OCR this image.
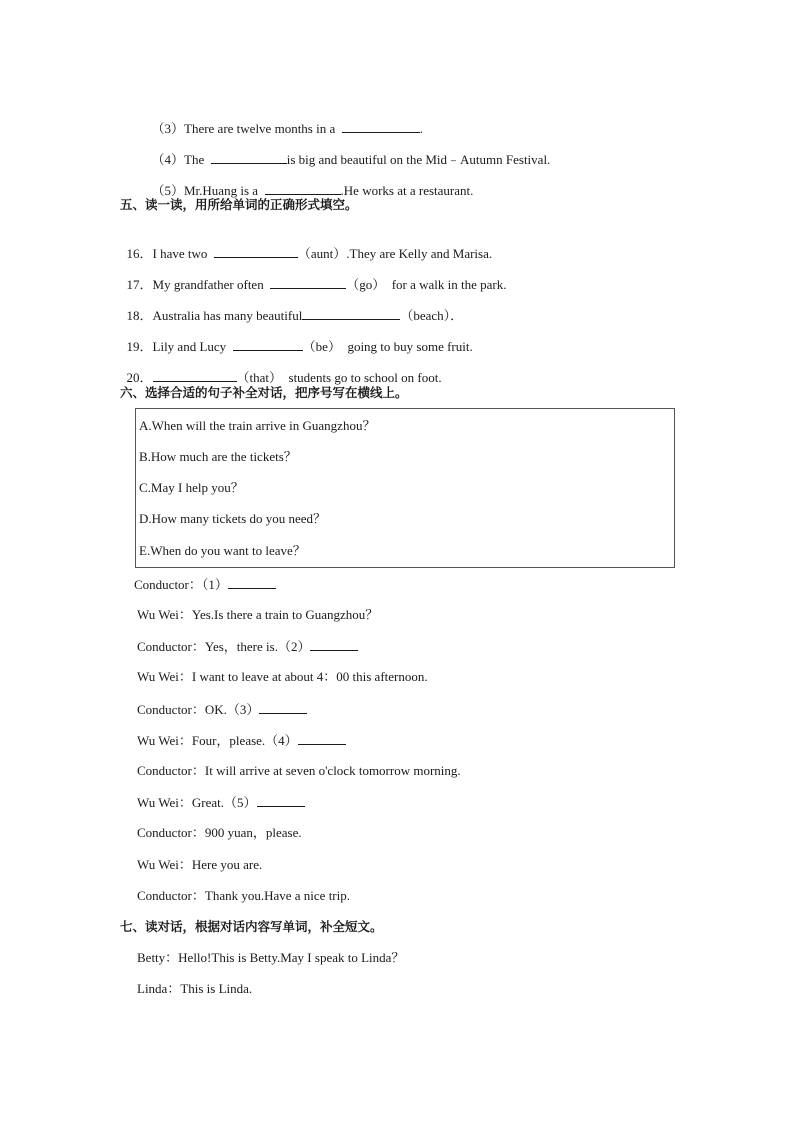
（3）There are twelve months in a	.

（4）The	is big and beautiful on the Mid﹣Autumn Festival.

（5）Mr.Huang is a	.He works at a restaurant.

五、读一读，用所给单词的正确形式填空。

16．I have two	（aunt）.They are Kelly and Marisa.

17．My grandfather often	（go）  for a walk in the park.

18．Australia has many beautiful	（beach）．

19．Lily and Lucy	（be）  going to buy some fruit.

20．	（that）  students go to school on foot.

六、选择合适的句子补全对话，把序号写在横线上。
A.When will the train arrive in Guangzhou？
B.How much are the tickets？
C.May I help you？
D.How many tickets do you need？
E.When do you want to leave？
Conductor：（1）
Wu Wei：Yes.Is there a train to Guangzhou？
Conductor：Yes，there is.（2）
Wu Wei：I want to leave at about 4：00 this afternoon.
Conductor：OK.（3）
Wu Wei：Four，please.（4）
Conductor：It will arrive at seven o'clock tomorrow morning.
Wu Wei：Great.（5）
Conductor：900 yuan，please.
Wu Wei：Here you are.
Conductor：Thank you.Have a nice trip.
七、读对话，根据对话内容写单词，补全短文。
Betty：Hello!This is Betty.May I speak to Linda？
Linda：This is Linda.
